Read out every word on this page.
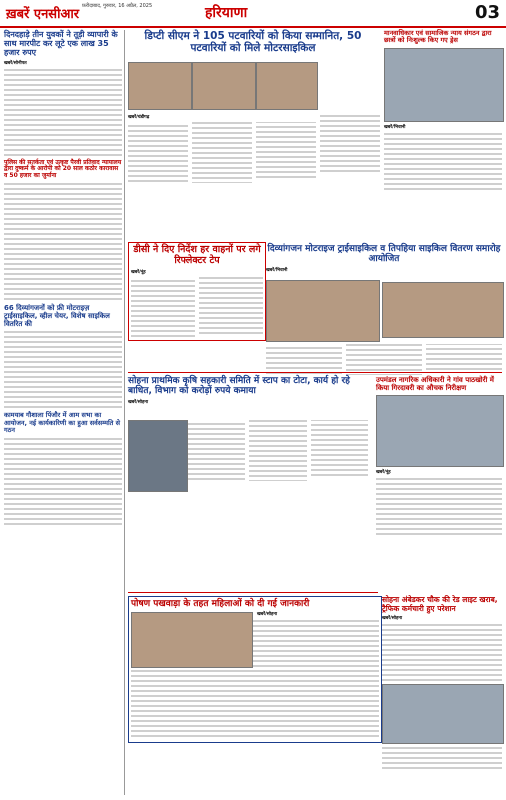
ख़बरें एनसीआर
फ़रीदाबाद, गुरुवार, 16 अप्रैल, 2025	हरियाणा	03
दिनदहाड़े तीन युवकों ने तूड़ी व्यापारी के साथ मारपीट कर लूटे एक लाख 35 हजार रुपए
खबरें/सोनीपत
पुलिस की सतर्कता एवं उत्कृष्ट पैरवी प्रतिवाद न्यायालय द्वारा दुष्कर्म के आरोपी को 20 साल कठोर कारावास व 50 हजार का जुर्माना
66 दिव्यांगजनों को फ्री मोटराइज़ ट्राईसाइकिल, व्हील चेयर, विशेष साइकिल वितरित की
कामयाब गौशाला पिंजौर में आम सभा का आयोजन, नई कार्यकारिणी का हुआ सर्वसम्मति से गठन
डिप्टी सीएम ने 105 पटवारियों को किया सम्मानित, 50 पटवारियों को मिले मोटरसाइकिल
खबरें/चंडीगढ़
मानवाधिकार एवं सामाजिक न्याय संगठन द्वारा छात्रों को निःशुल्क किए गए ड्रेस
खबरें/भिवानी
डीसी ने दिए निर्देश हर वाहनों पर लगे रिफ्लेक्टर टेप
खबरें/नूंह
दिव्यांगजन मोटराइज ट्राईसाइकिल व तिपहिया साइकिल वितरण समारोह आयोजित
खबरें/भिवानी
सोहना प्राथमिक कृषि सहकारी समिति में स्टाप का टोटा, कार्य हो रहे बाधित, विभाग को करोड़ों रुपये कमाया
खबरें/सोहना
उपमंडल नागरिक अधिकारी ने गांव पाठखोरी में किया गिरदावरी का औचक निरीक्षण
खबरें/नूंह
पोषण पखवाड़ा के तहत महिलाओं को दी गई जानकारी
खबरें/सोहना
सोहना अंबेडकर चौक की रेड लाइट खराब, ट्रैफिक कर्मचारी हुए परेशान
खबरें/सोहना
